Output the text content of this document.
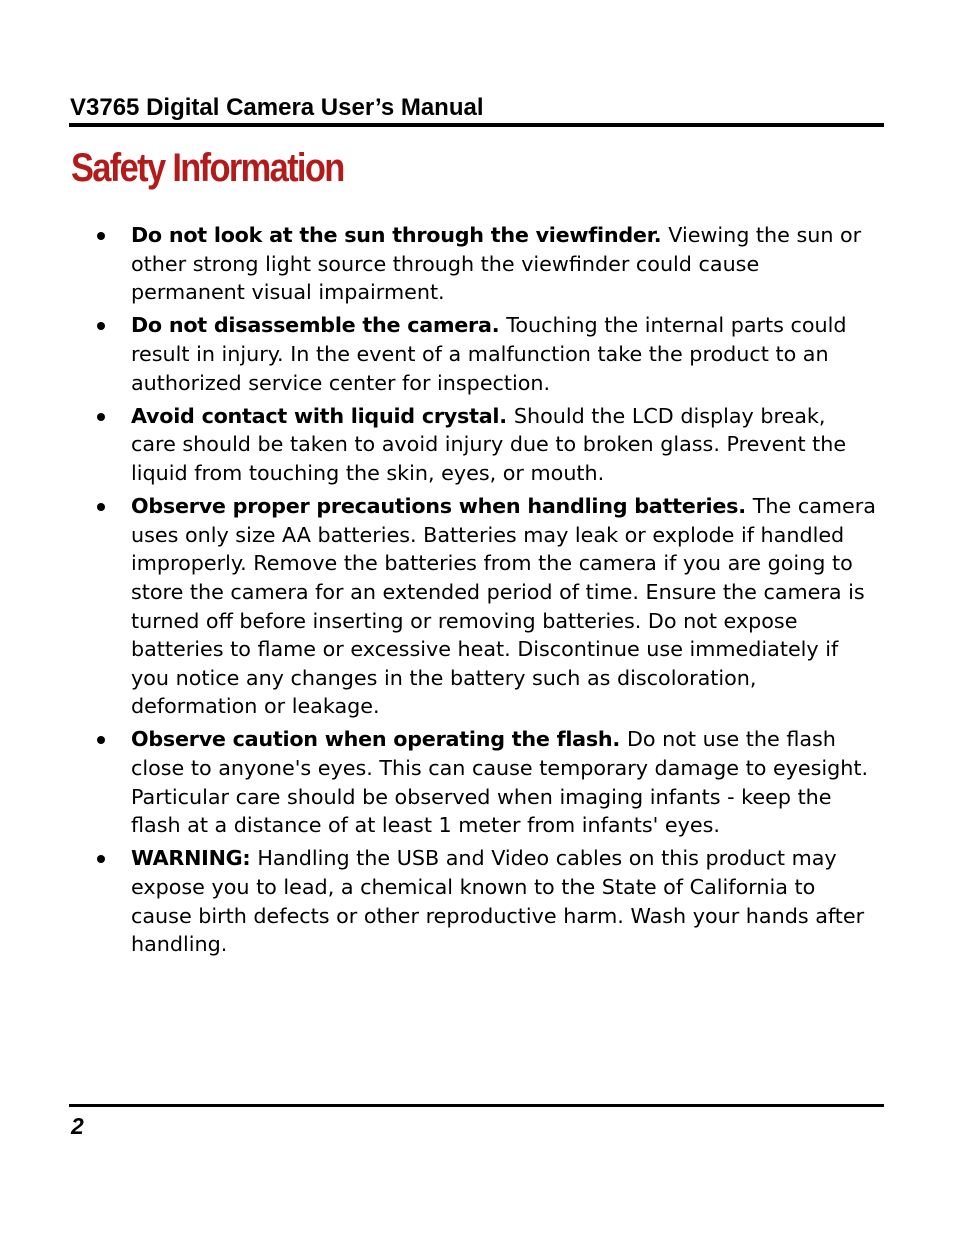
V3765 Digital Camera User’s Manual
Safety Information
Do not look at the sun through the viewfinder. Viewing the sun or other strong light source through the viewfinder could cause permanent visual impairment.
Do not disassemble the camera. Touching the internal parts could result in injury. In the event of a malfunction take the product to an authorized service center for inspection.
Avoid contact with liquid crystal. Should the LCD display break, care should be taken to avoid injury due to broken glass. Prevent the liquid from touching the skin, eyes, or mouth.
Observe proper precautions when handling batteries. The camera uses only size AA batteries. Batteries may leak or explode if handled improperly. Remove the batteries from the camera if you are going to store the camera for an extended period of time. Ensure the camera is turned off before inserting or removing batteries. Do not expose batteries to flame or excessive heat. Discontinue use immediately if you notice any changes in the battery such as discoloration, deformation or leakage.
Observe caution when operating the flash. Do not use the flash close to anyone's eyes. This can cause temporary damage to eyesight. Particular care should be observed when imaging infants - keep the flash at a distance of at least 1 meter from infants' eyes.
WARNING: Handling the USB and Video cables on this product may expose you to lead, a chemical known to the State of California to cause birth defects or other reproductive harm. Wash your hands after handling.
2
